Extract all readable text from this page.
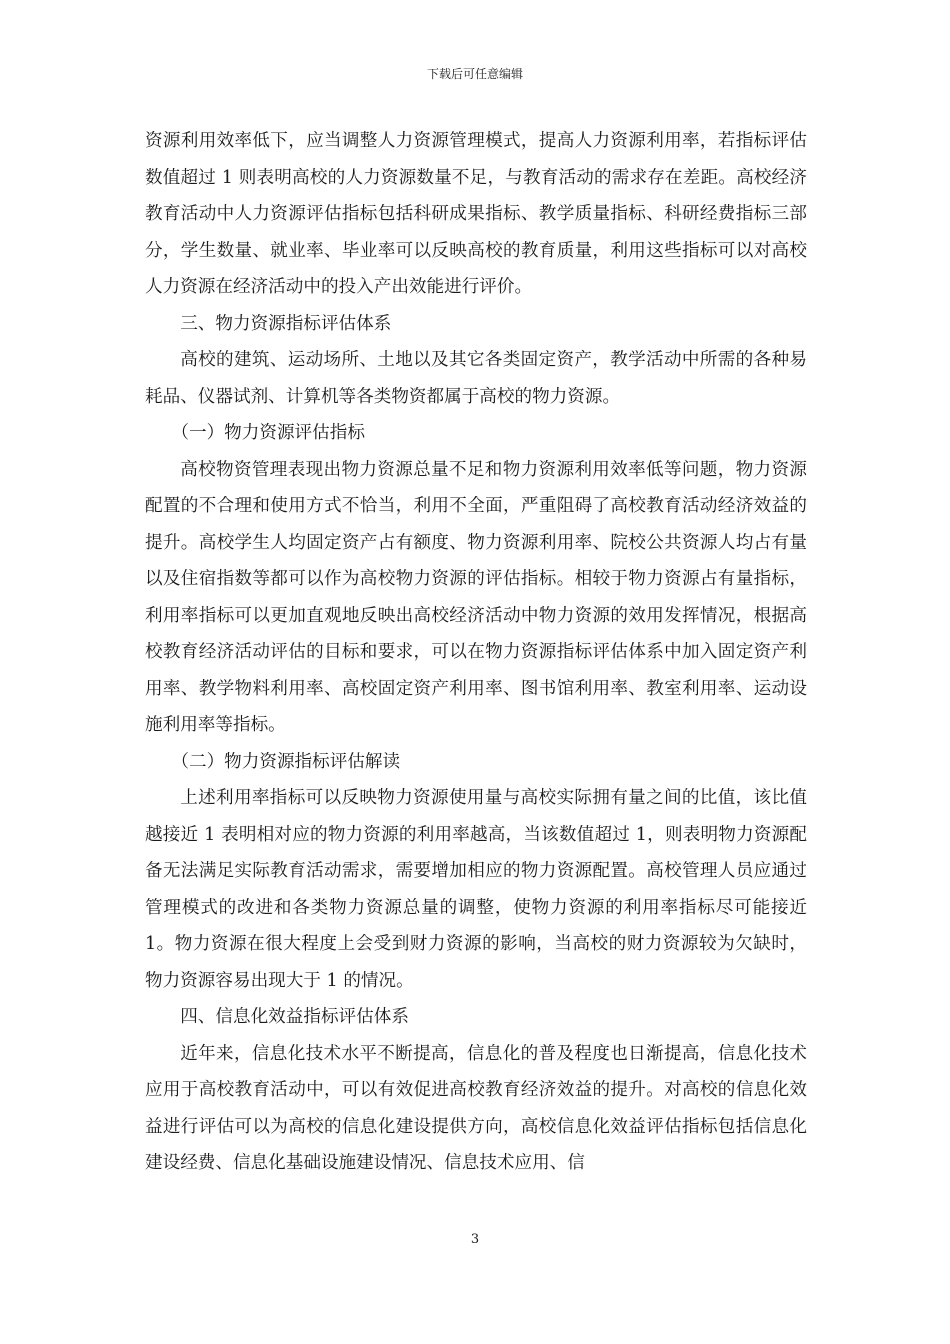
下载后可任意编辑

资源利用效率低下，应当调整人力资源管理模式，提高人力资源利用率，若指标评估数值超过 1 则表明高校的人力资源数量不足，与教育活动的需求存在差距。高校经济教育活动中人力资源评估指标包括科研成果指标、教学质量指标、科研经费指标三部分，学生数量、就业率、毕业率可以反映高校的教育质量，利用这些指标可以对高校人力资源在经济活动中的投入产出效能进行评价。

三、物力资源指标评估体系

高校的建筑、运动场所、土地以及其它各类固定资产，教学活动中所需的各种易耗品、仪器试剂、计算机等各类物资都属于高校的物力资源。

（一）物力资源评估指标

高校物资管理表现出物力资源总量不足和物力资源利用效率低等问题，物力资源配置的不合理和使用方式不恰当，利用不全面，严重阻碍了高校教育活动经济效益的提升。高校学生人均固定资产占有额度、物力资源利用率、院校公共资源人均占有量以及住宿指数等都可以作为高校物力资源的评估指标。相较于物力资源占有量指标，利用率指标可以更加直观地反映出高校经济活动中物力资源的效用发挥情况，根据高校教育经济活动评估的目标和要求，可以在物力资源指标评估体系中加入固定资产利用率、教学物料利用率、高校固定资产利用率、图书馆利用率、教室利用率、运动设施利用率等指标。

（二）物力资源指标评估解读

上述利用率指标可以反映物力资源使用量与高校实际拥有量之间的比值，该比值越接近 1 表明相对应的物力资源的利用率越高，当该数值超过 1，则表明物力资源配备无法满足实际教育活动需求，需要增加相应的物力资源配置。高校管理人员应通过管理模式的改进和各类物力资源总量的调整，使物力资源的利用率指标尽可能接近 1。物力资源在很大程度上会受到财力资源的影响，当高校的财力资源较为欠缺时，物力资源容易出现大于 1 的情况。

四、信息化效益指标评估体系

近年来，信息化技术水平不断提高，信息化的普及程度也日渐提高，信息化技术应用于高校教育活动中，可以有效促进高校教育经济效益的提升。对高校的信息化效益进行评估可以为高校的信息化建设提供方向，高校信息化效益评估指标包括信息化建设经费、信息化基础设施建设情况、信息技术应用、信

3
